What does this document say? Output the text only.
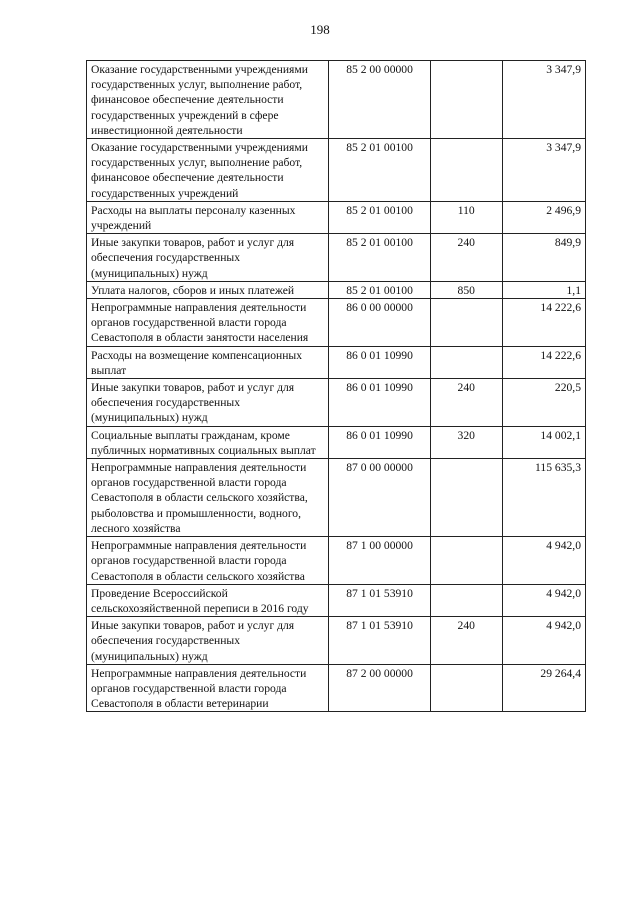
198
Оказание государственными учреждениями государственных услуг, выполнение работ, финансовое обеспечение деятельности государственных учреждений в сфере инвестиционной деятельности	85 2 00 00000		3 347,9
Оказание государственными учреждениями государственных услуг, выполнение работ, финансовое обеспечение деятельности государственных учреждений	85 2 01 00100		3 347,9
Расходы на выплаты персоналу казенных учреждений	85 2 01 00100	110	2 496,9
Иные закупки товаров, работ и услуг для обеспечения государственных (муниципальных) нужд	85 2 01 00100	240	849,9
Уплата налогов, сборов и иных платежей	85 2 01 00100	850	1,1
Непрограммные направления деятельности органов государственной власти города Севастополя в области занятости населения	86 0 00 00000		14 222,6
Расходы на возмещение компенсационных выплат	86 0 01 10990		14 222,6
Иные закупки товаров, работ и услуг для обеспечения государственных (муниципальных) нужд	86 0 01 10990	240	220,5
Социальные выплаты гражданам, кроме публичных нормативных социальных выплат	86 0 01 10990	320	14 002,1
Непрограммные направления деятельности органов государственной власти города Севастополя в области сельского хозяйства, рыболовства и промышленности, водного, лесного хозяйства	87 0 00 00000		115 635,3
Непрограммные направления деятельности органов государственной власти города Севастополя в области сельского хозяйства	87 1 00 00000		4 942,0
Проведение Всероссийской сельскохозяйственной переписи в 2016 году	87 1 01 53910		4 942,0
Иные закупки товаров, работ и услуг для обеспечения государственных (муниципальных) нужд	87 1 01 53910	240	4 942,0
Непрограммные направления деятельности органов государственной власти города Севастополя в области ветеринарии	87 2 00 00000		29 264,4
